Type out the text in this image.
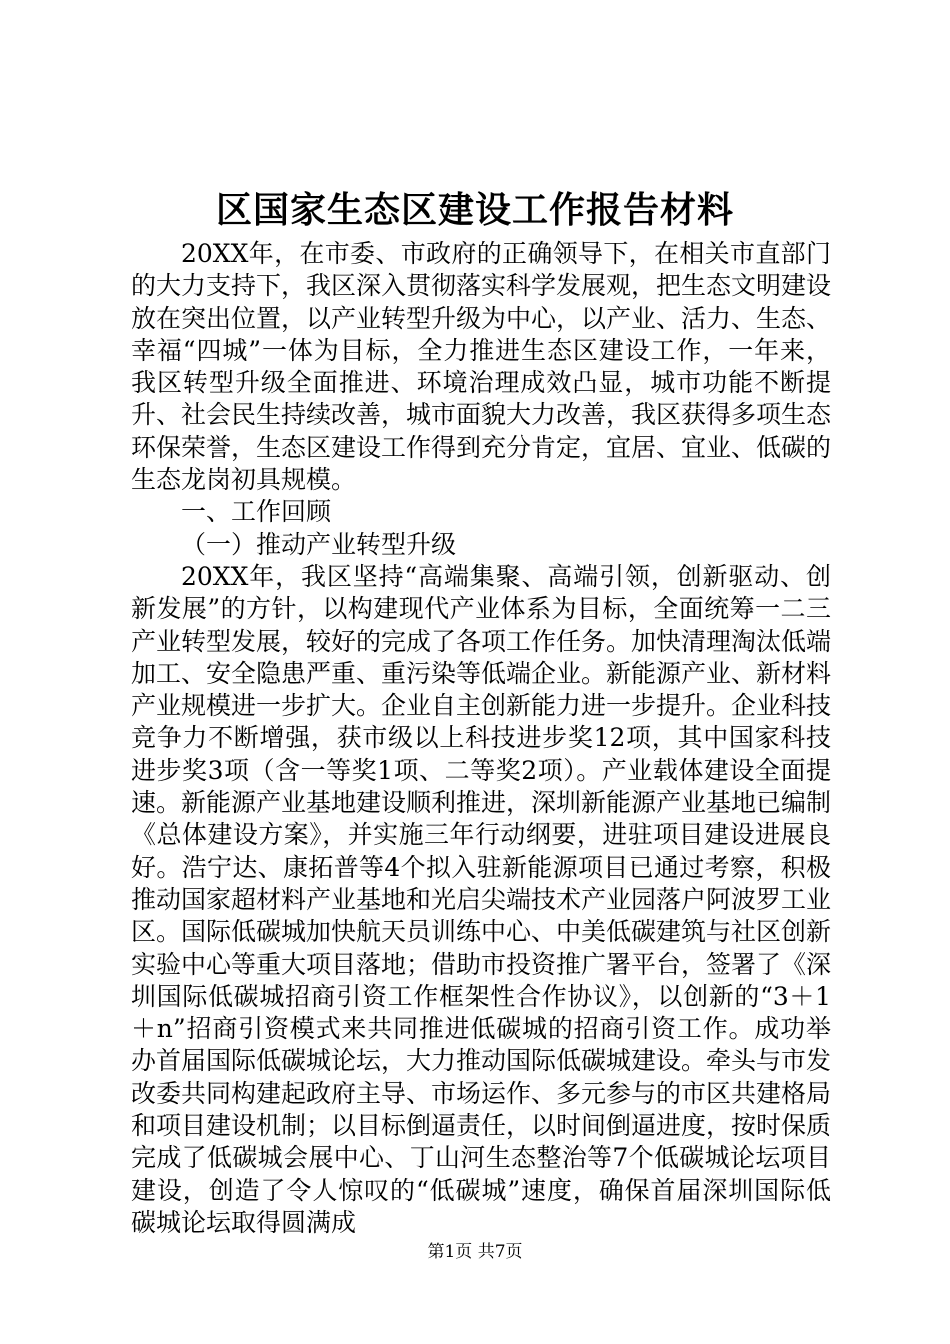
区国家生态区建设工作报告材料

20XX年，在市委、市政府的正确领导下，在相关市直部门的大力支持下，我区深入贯彻落实科学发展观，把生态文明建设放在突出位置，以产业转型升级为中心，以产业、活力、生态、幸福“四城”一体为目标，全力推进生态区建设工作，一年来，我区转型升级全面推进、环境治理成效凸显，城市功能不断提升、社会民生持续改善，城市面貌大力改善，我区获得多项生态环保荣誉，生态区建设工作得到充分肯定，宜居、宜业、低碳的生态龙岗初具规模。

一、工作回顾

（一）推动产业转型升级

20XX年，我区坚持“高端集聚、高端引领，创新驱动、创新发展”的方针，以构建现代产业体系为目标，全面统筹一二三产业转型发展，较好的完成了各项工作任务。加快清理淘汰低端加工、安全隐患严重、重污染等低端企业。新能源产业、新材料产业规模进一步扩大。企业自主创新能力进一步提升。企业科技竞争力不断增强，获市级以上科技进步奖12项，其中国家科技进步奖3项（含一等奖1项、二等奖2项）。产业载体建设全面提速。新能源产业基地建设顺利推进，深圳新能源产业基地已编制《总体建设方案》，并实施三年行动纲要，进驻项目建设进展良好。浩宁达、康拓普等4个拟入驻新能源项目已通过考察，积极推动国家超材料产业基地和光启尖端技术产业园落户阿波罗工业区。国际低碳城加快航天员训练中心、中美低碳建筑与社区创新实验中心等重大项目落地；借助市投资推广署平台，签署了《深圳国际低碳城招商引资工作框架性合作协议》，以创新的“3＋1＋n”招商引资模式来共同推进低碳城的招商引资工作。成功举办首届国际低碳城论坛，大力推动国际低碳城建设。牵头与市发改委共同构建起政府主导、市场运作、多元参与的市区共建格局和项目建设机制；以目标倒逼责任，以时间倒逼进度，按时保质完成了低碳城会展中心、丁山河生态整治等7个低碳城论坛项目建设，创造了令人惊叹的“低碳城”速度，确保首届深圳国际低碳城论坛取得圆满成

第1页 共7页
